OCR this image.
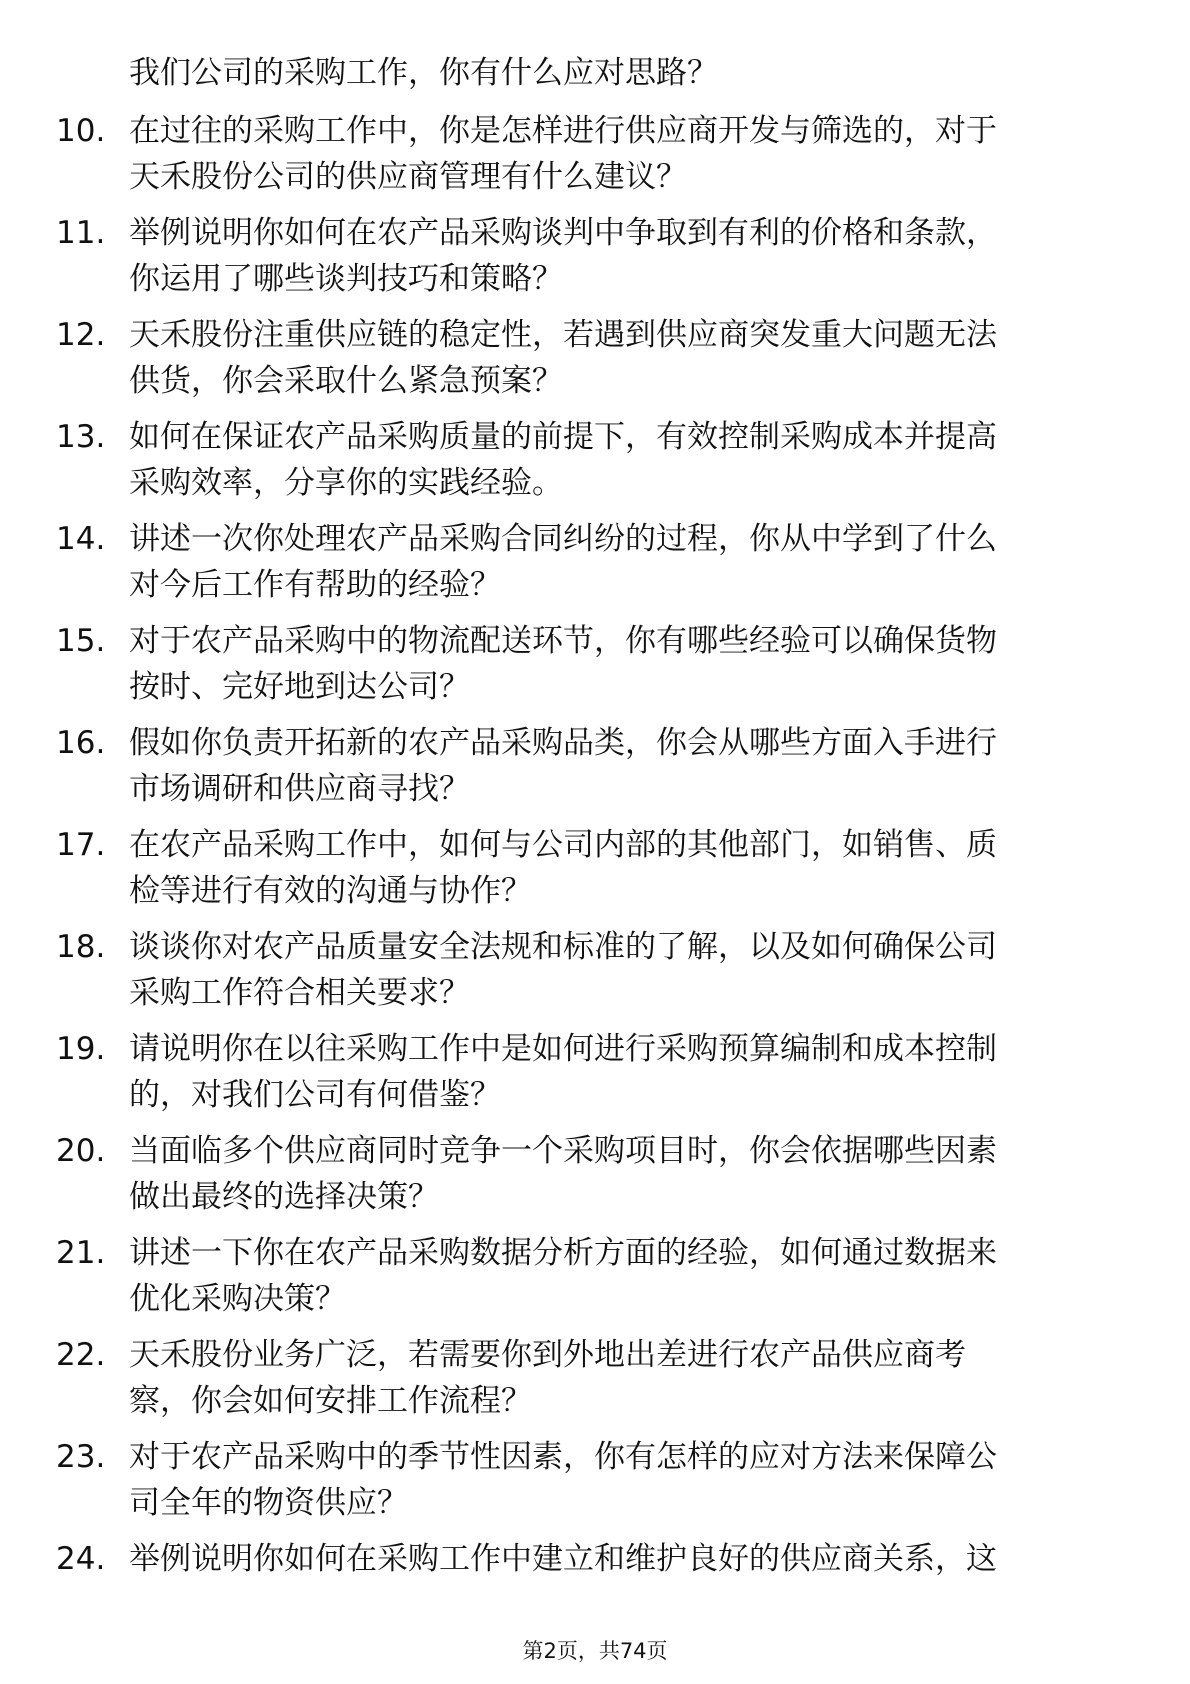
我们公司的采购工作，你有什么应对思路？
10. 在过往的采购工作中，你是怎样进行供应商开发与筛选的，对于
天禾股份公司的供应商管理有什么建议？
11. 举例说明你如何在农产品采购谈判中争取到有利的价格和条款，
你运用了哪些谈判技巧和策略？
12. 天禾股份注重供应链的稳定性，若遇到供应商突发重大问题无法
供货，你会采取什么紧急预案？
13. 如何在保证农产品采购质量的前提下，有效控制采购成本并提高
采购效率，分享你的实践经验。
14. 讲述一次你处理农产品采购合同纠纷的过程，你从中学到了什么
对今后工作有帮助的经验？
15. 对于农产品采购中的物流配送环节，你有哪些经验可以确保货物
按时、完好地到达公司？
16. 假如你负责开拓新的农产品采购品类，你会从哪些方面入手进行
市场调研和供应商寻找？
17. 在农产品采购工作中，如何与公司内部的其他部门，如销售、质
检等进行有效的沟通与协作？
18. 谈谈你对农产品质量安全法规和标准的了解，以及如何确保公司
采购工作符合相关要求？
19. 请说明你在以往采购工作中是如何进行采购预算编制和成本控制
的，对我们公司有何借鉴？
20. 当面临多个供应商同时竞争一个采购项目时，你会依据哪些因素
做出最终的选择决策？
21. 讲述一下你在农产品采购数据分析方面的经验，如何通过数据来
优化采购决策？
22. 天禾股份业务广泛，若需要你到外地出差进行农产品供应商考
察，你会如何安排工作流程？
23. 对于农产品采购中的季节性因素，你有怎样的应对方法来保障公
司全年的物资供应？
24. 举例说明你如何在采购工作中建立和维护良好的供应商关系，这
第2页，共74页
